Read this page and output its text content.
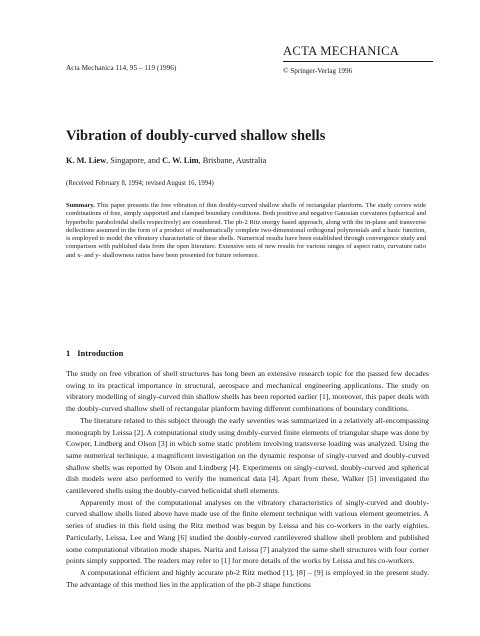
Acta Mechanica 114, 95 – 119 (1996)
ACTA MECHANICA
© Springer-Verlag 1996
Vibration of doubly-curved shallow shells
K. M. Liew, Singapore, and C. W. Lim, Brisbane, Australia
(Received February 8, 1994; revised August 16, 1994)

Summary. This paper presents the free vibration of thin doubly-curved shallow shells of rectangular planform. The study covers wide combinations of free, simply supported and clamped boundary conditions. Both positive and negative Gaussian curvatures (spherical and hyperbolic paraboloidal shells respectively) are considered. The pb-2 Ritz energy based approach, along with the in-plane and transverse deflections assumed in the form of a product of mathematically complete two-dimensional orthogonal polynomials and a basic function, is employed to model the vibratory characteristic of these shells. Numerical results have been established through convergence study and comparison with published data from the open literature. Extensive sets of new results for various ranges of aspect ratio, curvature ratio and x- and y- shallowness ratios have been presented for future reference.

1 Introduction

The study on free vibration of shell structures has long been an extensive research topic for the passed few decades owing to its practical importance in structural, aerospace and mechanical engineering applications. The study on vibratory modelling of singly-curved thin shallow shells has been reported earlier [1], moreover, this paper deals with the doubly-curved shallow shell of rectangular planform having different combinations of boundary conditions.

The literature related to this subject through the early seventies was summarized in a relatively all-encompassing monograph by Leissa [2]. A computational study using doubly-curved finite elements of triangular shape was done by Cowper, Lindberg and Olson [3] in which some static problem involving transverse loading was analyzed. Using the same numerical technique, a magnificent investigation on the dynamic response of singly-curved and doubly-curved shallow shells was reported by Olson and Lindberg [4]. Experiments on singly-curved, doubly-curved and spherical dish models were also performed to verify the numerical data [4]. Apart from these, Walker [5] investigated the cantilevered shells using the doubly-curved helicoidal shell elements.

Apparently most of the computational analyses on the vibratory characteristics of singly-curved and doubly-curved shallow shells listed above have made use of the finite element technique with various element geometries. A series of studies in this field using the Ritz method was begun by Leissa and his co-workers in the early eighties. Particularly, Leissa, Lee and Wang [6] studied the doubly-curved cantilevered shallow shell problem and published some computational vibration mode shapes. Narita and Leissa [7] analyzed the same shell structures with four corner points simply supported. The readers may refer to [1] for more details of the works by Leissa and his co-workers.

A computational efficient and highly accurate pb-2 Ritz method [1], [8] – [9] is employed in the present study. The advantage of this method lies in the application of the pb-2 shape functions
